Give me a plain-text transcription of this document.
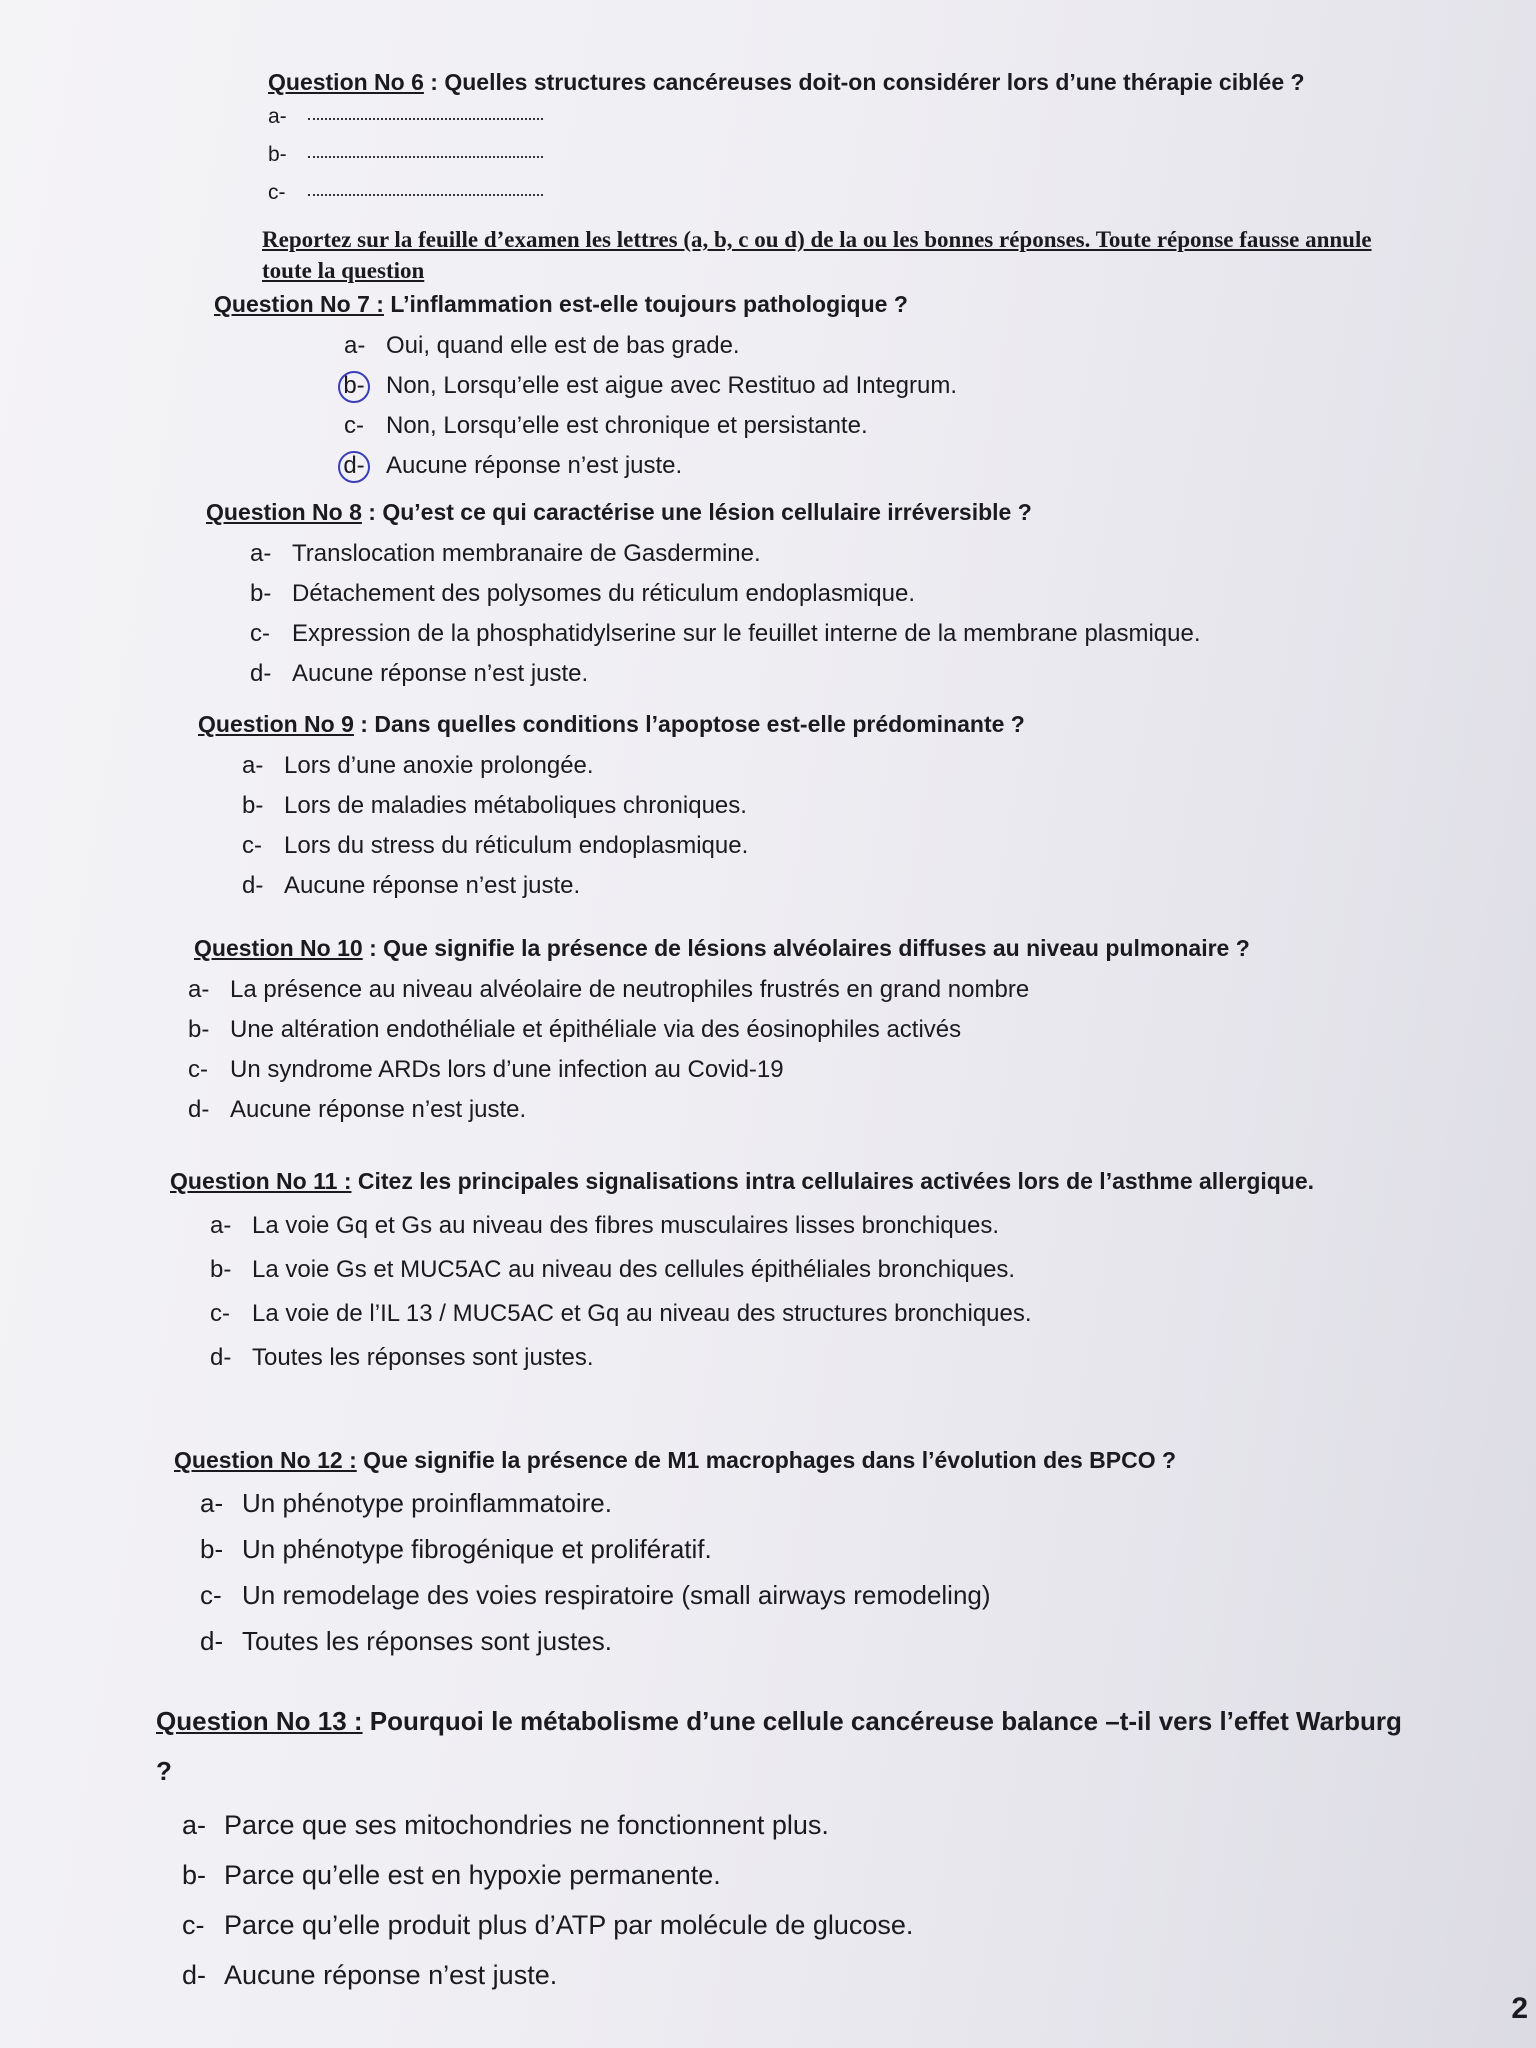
Question No 6 : Quelles structures cancéreuses doit-on considérer lors d’une thérapie ciblée ?
a-
b-
c-
Reportez sur la feuille d’examen les lettres (a, b, c ou d) de la ou les bonnes réponses. Toute réponse fausse annule toute la question
Question No 7 : L’inflammation est-elle toujours pathologique ?
a- Oui, quand elle est de bas grade.
b- Non, Lorsqu’elle est aigue avec Restituo ad Integrum.
c- Non, Lorsqu’elle est chronique et persistante.
d- Aucune réponse n’est juste.
Question No 8 : Qu’est ce qui caractérise une lésion cellulaire irréversible ?
a- Translocation membranaire de Gasdermine.
b- Détachement des polysomes du réticulum endoplasmique.
c- Expression de la phosphatidylserine sur le feuillet interne de la membrane plasmique.
d- Aucune réponse n’est juste.
Question No 9 : Dans quelles conditions l’apoptose est-elle prédominante ?
a- Lors d’une anoxie prolongée.
b- Lors de maladies métaboliques chroniques.
c- Lors du stress du réticulum endoplasmique.
d- Aucune réponse n’est juste.
Question No 10 : Que signifie la présence de lésions alvéolaires diffuses au niveau pulmonaire ?
a- La présence au niveau alvéolaire de neutrophiles frustrés en grand nombre
b- Une altération endothéliale et épithéliale via des éosinophiles activés
c- Un syndrome ARDs lors d’une infection au Covid-19
d- Aucune réponse n’est juste.
Question No 11 : Citez les principales signalisations intra cellulaires activées lors de l’asthme allergique.
a- La voie Gq et Gs au niveau des fibres musculaires lisses bronchiques.
b- La voie Gs et MUC5AC au niveau des cellules épithéliales bronchiques.
c- La voie de l’IL 13 / MUC5AC et Gq au niveau des structures bronchiques.
d- Toutes les réponses sont justes.
Question No 12 : Que signifie la présence de M1 macrophages dans l’évolution des BPCO ?
a- Un phénotype proinflammatoire.
b- Un phénotype fibrogénique et prolifératif.
c- Un remodelage des voies respiratoire (small airways remodeling)
d- Toutes les réponses sont justes.
Question No 13 : Pourquoi le métabolisme d’une cellule cancéreuse balance –t-il vers l’effet Warburg ?
a- Parce que ses mitochondries ne fonctionnent plus.
b- Parce qu’elle est en hypoxie permanente.
c- Parce qu’elle produit plus d’ATP par molécule de glucose.
d- Aucune réponse n’est juste.
2
